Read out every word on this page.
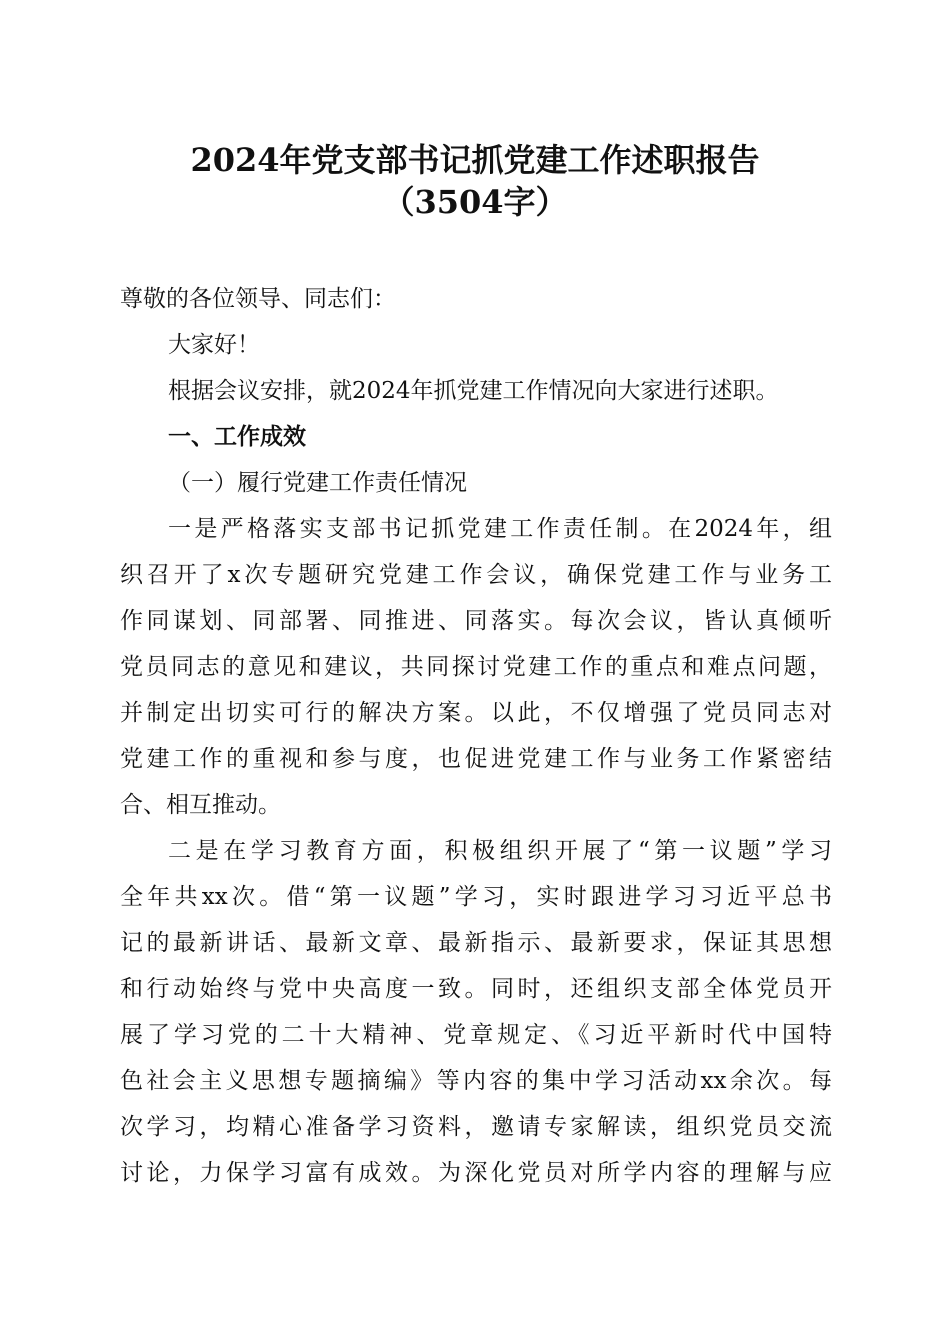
2024年党支部书记抓党建工作述职报告
（3504字）
尊敬的各位领导、同志们：
大家好！
根据会议安排，就2024年抓党建工作情况向大家进行述职。
一、工作成效
（一）履行党建工作责任情况
一是严格落实支部书记抓党建工作责任制。在2024年，组
织召开了x次专题研究党建工作会议，确保党建工作与业务工
作同谋划、同部署、同推进、同落实。每次会议，皆认真倾听
党员同志的意见和建议，共同探讨党建工作的重点和难点问题，
并制定出切实可行的解决方案。以此，不仅增强了党员同志对
党建工作的重视和参与度，也促进党建工作与业务工作紧密结
合、相互推动。
二是在学习教育方面，积极组织开展了“第一议题”学习
全年共xx次。借“第一议题”学习，实时跟进学习习近平总书
记的最新讲话、最新文章、最新指示、最新要求，保证其思想
和行动始终与党中央高度一致。同时，还组织支部全体党员开
展了学习党的二十大精神、党章规定、《习近平新时代中国特
色社会主义思想专题摘编》等内容的集中学习活动xx余次。每
次学习，均精心准备学习资料，邀请专家解读，组织党员交流
讨论，力保学习富有成效。为深化党员对所学内容的理解与应
